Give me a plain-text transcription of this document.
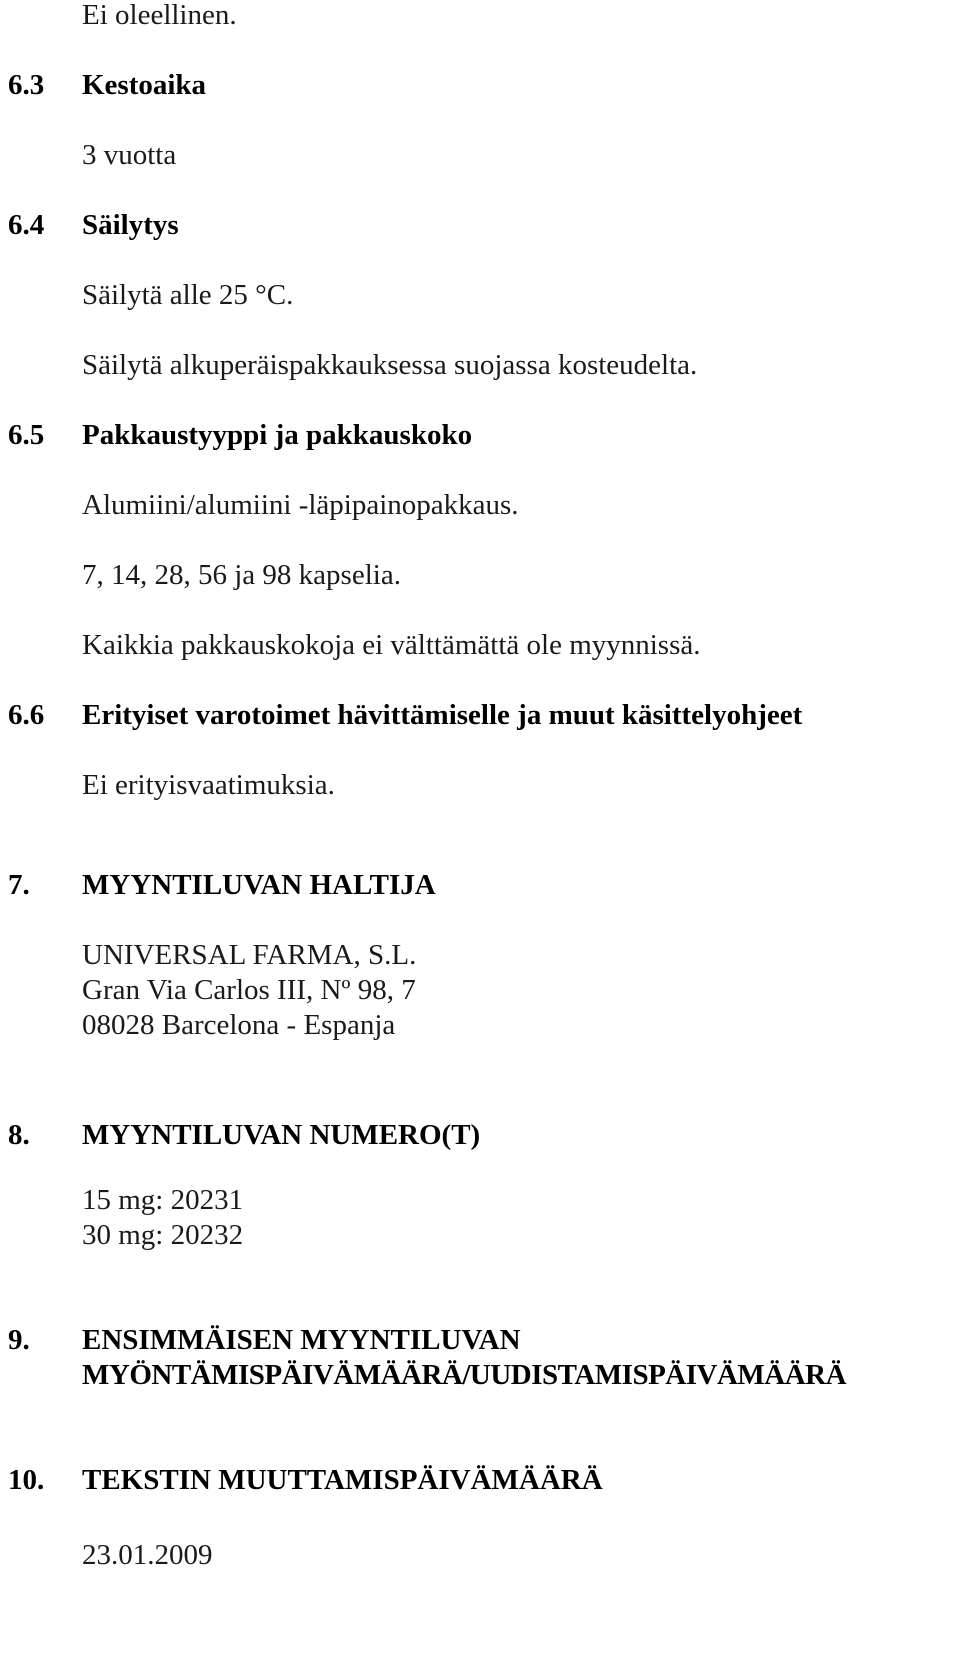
Ei oleellinen.
6.3 Kestoaika
3 vuotta
6.4 Säilytys
Säilytä alle 25 °C.
Säilytä alkuperäispakkauksessa suojassa kosteudelta.
6.5 Pakkaustyyppi ja pakkauskoko
Alumiini/alumiini -läpipainopakkaus.
7, 14, 28, 56 ja 98 kapselia.
Kaikkia pakkauskokoja ei välttämättä ole myynnissä.
6.6 Erityiset varotoimet hävittämiselle ja muut käsittelyohjeet
Ei erityisvaatimuksia.
7. MYYNTILUVAN HALTIJA
UNIVERSAL FARMA, S.L.
Gran Via Carlos III, Nº 98, 7
08028 Barcelona - Espanja
8. MYYNTILUVAN NUMERO(T)
15 mg: 20231
30 mg: 20232
9. ENSIMMÄISEN MYYNTILUVAN
MYÖNTÄMISPÄIVÄMÄÄRÄ/UUDISTAMISPÄIVÄMÄÄRÄ
10. TEKSTIN MUUTTAMISPÄIVÄMÄÄRÄ
23.01.2009
